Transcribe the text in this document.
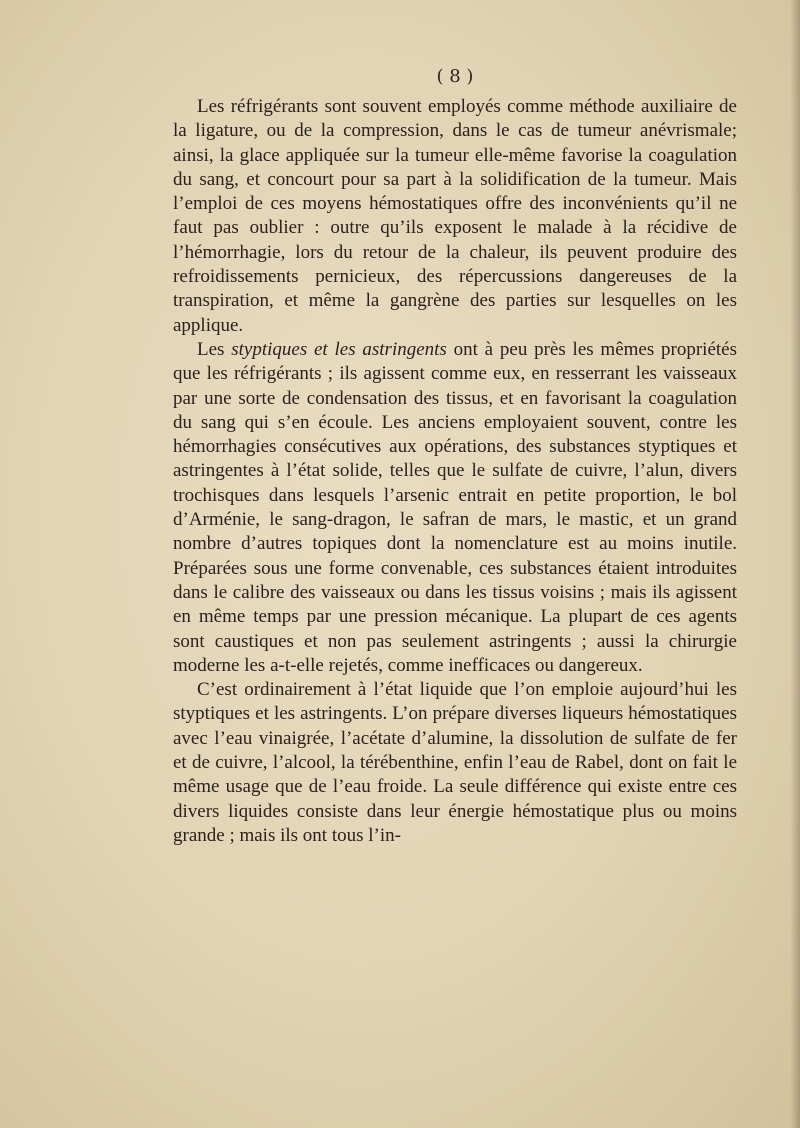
( 8 )

Les réfrigérants sont souvent employés comme méthode auxiliaire de la ligature, ou de la compression, dans le cas de tumeur anévrismale; ainsi, la glace appliquée sur la tumeur elle-même favorise la coagulation du sang, et concourt pour sa part à la solidification de la tumeur. Mais l’emploi de ces moyens hémostatiques offre des inconvénients qu’il ne faut pas oublier : outre qu’ils exposent le malade à la récidive de l’hémorrhagie, lors du retour de la chaleur, ils peuvent produire des refroidissements pernicieux, des répercussions dangereuses de la transpiration, et même la gangrène des parties sur lesquelles on les applique.

Les styptiques et les astringents ont à peu près les mêmes propriétés que les réfrigérants ; ils agissent comme eux, en resserrant les vaisseaux par une sorte de condensation des tissus, et en favorisant la coagulation du sang qui s’en écoule. Les anciens employaient souvent, contre les hémorrhagies consécutives aux opérations, des substances styptiques et astringentes à l’état solide, telles que le sulfate de cuivre, l’alun, divers trochisques dans lesquels l’arsenic entrait en petite proportion, le bol d’Arménie, le sang-dragon, le safran de mars, le mastic, et un grand nombre d’autres topiques dont la nomenclature est au moins inutile. Préparées sous une forme convenable, ces substances étaient introduites dans le calibre des vaisseaux ou dans les tissus voisins ; mais ils agissent en même temps par une pression mécanique. La plupart de ces agents sont caustiques et non pas seulement astringents ; aussi la chirurgie moderne les a-t-elle rejetés, comme inefficaces ou dangereux.

C’est ordinairement à l’état liquide que l’on emploie aujourd’hui les styptiques et les astringents. L’on prépare diverses liqueurs hémostatiques avec l’eau vinaigrée, l’acétate d’alumine, la dissolution de sulfate de fer et de cuivre, l’alcool, la térébenthine, enfin l’eau de Rabel, dont on fait le même usage que de l’eau froide. La seule différence qui existe entre ces divers liquides consiste dans leur énergie hémostatique plus ou moins grande ; mais ils ont tous l’in-
